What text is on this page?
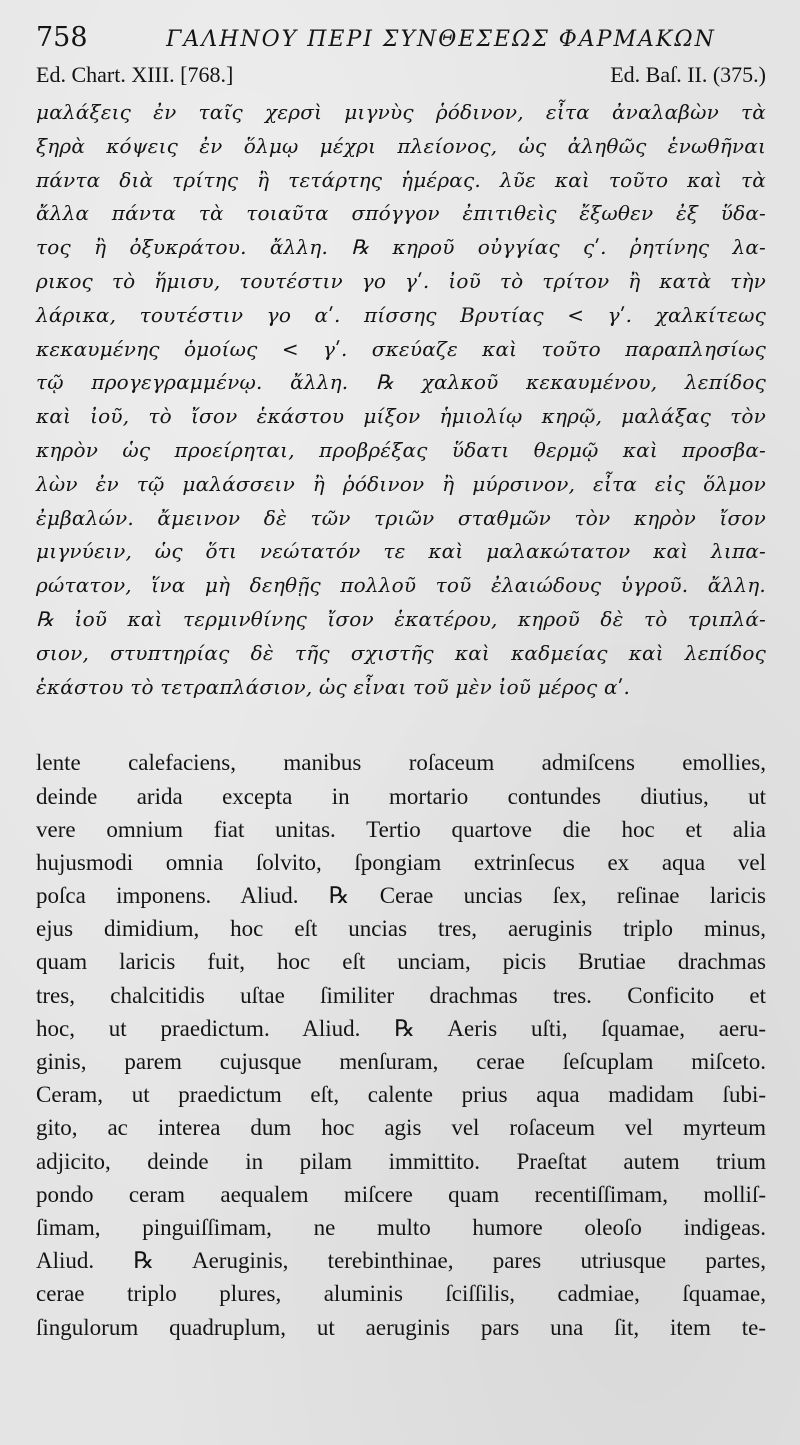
758	ΓΑΛΗΝΟΥ ΠΕΡΙ ΣΥΝΘΕΣΕΩΣ ΦΑΡΜΑΚΩΝ
Ed. Chart. XIII. [768.]	Ed. Baſ. II. (375.)
μαλάξεις ἐν ταῖς χερσὶ μιγνὺς ῥόδινον, εἶτα ἀναλαβὼν τὰ
ξηρὰ κόψεις ἐν ὅλμῳ μέχρι πλείονος, ὡς ἀληθῶς ἑνωθῆναι
πάντα διὰ τρίτης ἢ τετάρτης ἡμέρας. λῦε καὶ τοῦτο καὶ τὰ
ἄλλα πάντα τὰ τοιαῦτα σπόγγον ἐπιτιθεὶς ἔξωθεν ἐξ ὕδα-
τος ἢ ὀξυκράτου. ἄλλη. ℞ κηροῦ οὐγγίας ςʹ. ῥητίνης λα-
ρικος τὸ ἥμισυ, τουτέστιν γο γʹ. ἰοῦ τὸ τρίτον ἢ κατὰ τὴν
λάρικα, τουτέστιν γο αʹ. πίσσης Βρυτίας < γʹ. χαλκίτεως
κεκαυμένης ὁμοίως < γʹ. σκεύαζε καὶ τοῦτο παραπλησίως
τῷ προγεγραμμένῳ. ἄλλη. ℞ χαλκοῦ κεκαυμένου, λεπίδος
καὶ ἰοῦ, τὸ ἴσον ἑκάστου μίξον ἡμιολίῳ κηρῷ, μαλάξας τὸν
κηρὸν ὡς προείρηται, προβρέξας ὕδατι θερμῷ καὶ προσβα-
λὼν ἐν τῷ μαλάσσειν ἢ ῥόδινον ἢ μύρσινον, εἶτα εἰς ὅλμον
ἐμβαλών. ἄμεινον δὲ τῶν τριῶν σταθμῶν τὸν κηρὸν ἴσον
μιγνύειν, ὡς ὅτι νεώτατόν τε καὶ μαλακώτατον καὶ λιπα-
ρώτατον, ἵνα μὴ δεηθῇς πολλοῦ τοῦ ἐλαιώδους ὑγροῦ. ἄλλη.
℞ ἰοῦ καὶ τερμινθίνης ἴσον ἑκατέρου, κηροῦ δὲ τὸ τριπλά-
σιον, στυπτηρίας δὲ τῆς σχιστῆς καὶ καδμείας καὶ λεπίδος
ἑκάστου τὸ τετραπλάσιον, ὡς εἶναι τοῦ μὲν ἰοῦ μέρος αʹ.
lente calefaciens, manibus roſaceum admiſcens emollies,
deinde arida excepta in mortario contundes diutius, ut
vere omnium fiat unitas. Tertio quartove die hoc et alia
hujusmodi omnia ſolvito, ſpongiam extrinſecus ex aqua vel
poſca imponens. Aliud. ℞ Cerae uncias ſex, reſinae laricis
ejus dimidium, hoc eſt uncias tres, aeruginis triplo minus,
quam laricis fuit, hoc eſt unciam, picis Brutiae drachmas
tres, chalcitidis uſtae ſimiliter drachmas tres. Conficito et
hoc, ut praedictum. Aliud. ℞ Aeris uſti, ſquamae, aeru-
ginis, parem cujusque menſuram, cerae ſeſcuplam miſceto.
Ceram, ut praedictum eſt, calente prius aqua madidam ſubi-
gito, ac interea dum hoc agis vel roſaceum vel myrteum
adjicito, deinde in pilam immittito. Praeſtat autem trium
pondo ceram aequalem miſcere quam recentiſſimam, molliſ-
ſimam, pinguiſſimam, ne multo humore oleoſo indigeas.
Aliud. ℞ Aeruginis, terebinthinae, pares utriusque partes,
cerae triplo plures, aluminis ſciſſilis, cadmiae, ſquamae,
ſingulorum quadruplum, ut aeruginis pars una ſit, item te-
